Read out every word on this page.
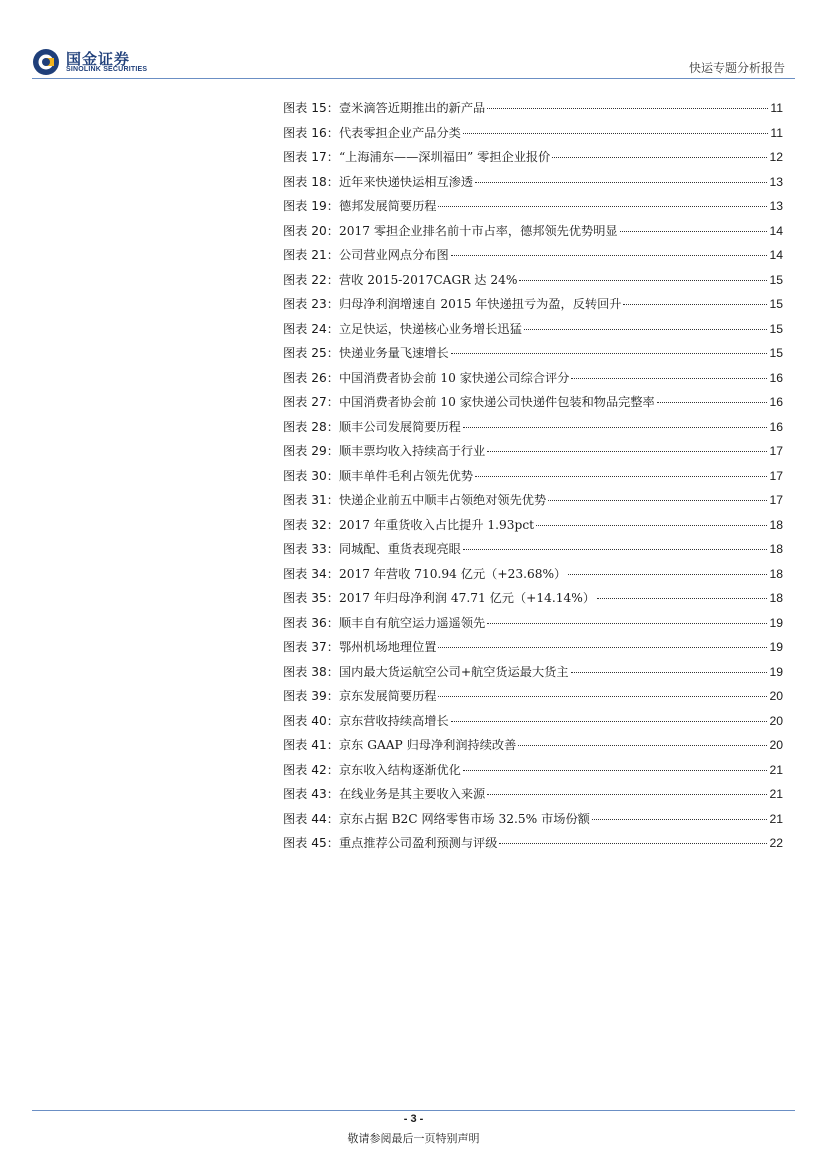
国金证券
SINOLINK SECURITIES	快运专题分析报告
图表 15： 壹米滴答近期推出的新产品	11
图表 16： 代表零担企业产品分类	11
图表 17： “上海浦东——深圳福田” 零担企业报价	12
图表 18： 近年来快递快运相互渗透	13
图表 19： 德邦发展简要历程	13
图表 20： 2017 零担企业排名前十市占率，德邦领先优势明显	14
图表 21： 公司营业网点分布图	14
图表 22： 营收 2015-2017CAGR 达 24%	15
图表 23： 归母净利润增速自 2015 年快递扭亏为盈，反转回升	15
图表 24： 立足快运，快递核心业务增长迅猛	15
图表 25： 快递业务量飞速增长	15
图表 26： 中国消费者协会前 10 家快递公司综合评分	16
图表 27： 中国消费者协会前 10 家快递公司快递件包装和物品完整率	16
图表 28： 顺丰公司发展简要历程	16
图表 29： 顺丰票均收入持续高于行业	17
图表 30： 顺丰单件毛利占领先优势	17
图表 31： 快递企业前五中顺丰占领绝对领先优势	17
图表 32： 2017 年重货收入占比提升 1.93pct	18
图表 33： 同城配、重货表现亮眼	18
图表 34： 2017 年营收 710.94 亿元（+23.68%）	18
图表 35： 2017 年归母净利润 47.71 亿元（+14.14%）	18
图表 36： 顺丰自有航空运力遥遥领先	19
图表 37： 鄂州机场地理位置	19
图表 38： 国内最大货运航空公司+航空货运最大货主	19
图表 39： 京东发展简要历程	20
图表 40： 京东营收持续高增长	20
图表 41： 京东 GAAP 归母净利润持续改善	20
图表 42： 京东收入结构逐渐优化	21
图表 43： 在线业务是其主要收入来源	21
图表 44： 京东占据 B2C 网络零售市场 32.5% 市场份额	21
图表 45： 重点推荐公司盈利预测与评级	22
- 3 -
敬请参阅最后一页特别声明
